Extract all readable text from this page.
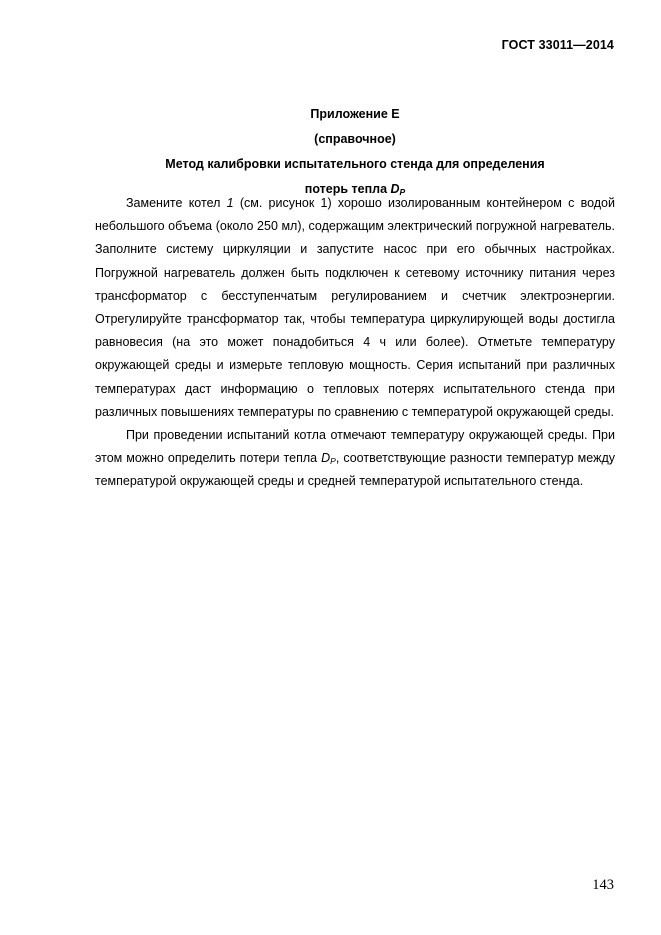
ГОСТ 33011—2014
Приложение Е
(справочное)
Метод калибровки испытательного стенда для определения
потерь тепла $D_P$

Замените котел 1 (см. рисунок 1) хорошо изолированным контейнером с водой небольшого объема (около 250 мл), содержащим электрический погружной нагреватель. Заполните систему циркуляции и запустите насос при его обычных настройках. Погружной нагреватель должен быть подключен к сетевому источнику питания через трансформатор с бесступенчатым регулированием и счетчик электроэнергии. Отрегулируйте трансформатор так, чтобы температура циркулирующей воды достигла равновесия (на это может понадобиться 4 ч или более). Отметьте температуру окружающей среды и измерьте тепловую мощность. Серия испытаний при различных температурах даст информацию о тепловых потерях испытательного стенда при различных повышениях температуры по сравнению с температурой окружающей среды.

При проведении испытаний котла отмечают температуру окружающей среды. При этом можно определить потери тепла $D_P$, соответствующие разности температур между температурой окружающей среды и средней температурой испытательного стенда.

143
